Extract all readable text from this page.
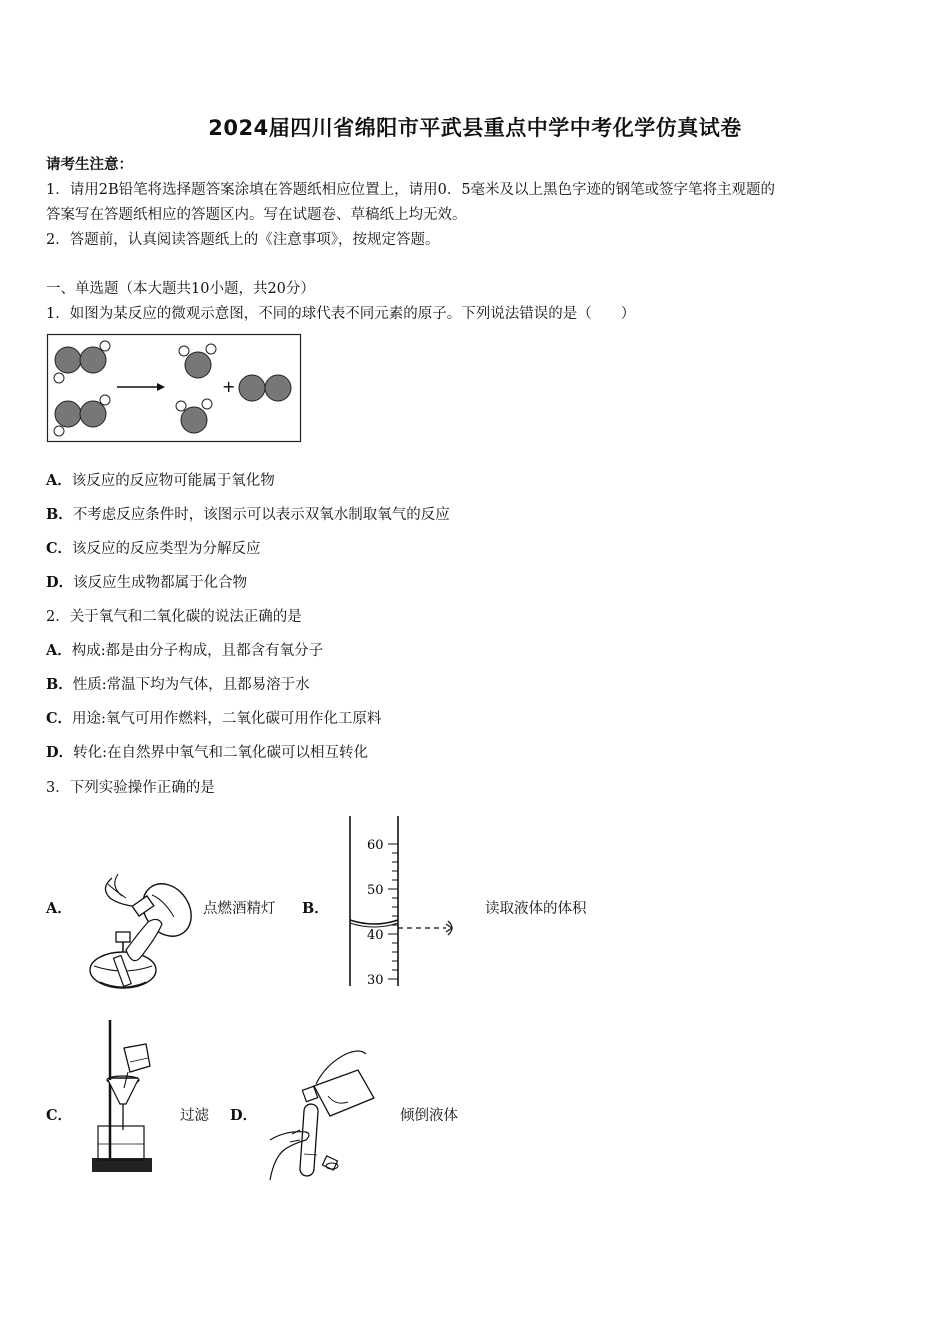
2024届四川省绵阳市平武县重点中学中考化学仿真试卷
请考生注意：
1．请用2B铅笔将选择题答案涂填在答题纸相应位置上，请用0．5毫米及以上黑色字迹的钢笔或签字笔将主观题的
答案写在答题纸相应的答题区内。写在试题卷、草稿纸上均无效。
2．答题前，认真阅读答题纸上的《注意事项》，按规定答题。
一、单选题（本大题共10小题，共20分）
1．如图为某反应的微观示意图，不同的球代表不同元素的原子。下列说法错误的是（　　）
+
A．该反应的反应物可能属于氧化物
B．不考虑反应条件时，该图示可以表示双氧水制取氧气的反应
C．该反应的反应类型为分解反应
D．该反应生成物都属于化合物
2．关于氧气和二氧化碳的说法正确的是
A．构成:都是由分子构成，且都含有氧分子
B．性质:常温下均为气体，且都易溶于水
C．用途:氧气可用作燃料，二氧化碳可用作化工原料
D．转化:在自然界中氧气和二氧化碳可以相互转化
3．下列实验操作正确的是
A．	点燃酒精灯 B．
60
50
40
30
读取液体的体积
C．	过滤 D．	倾倒液体
